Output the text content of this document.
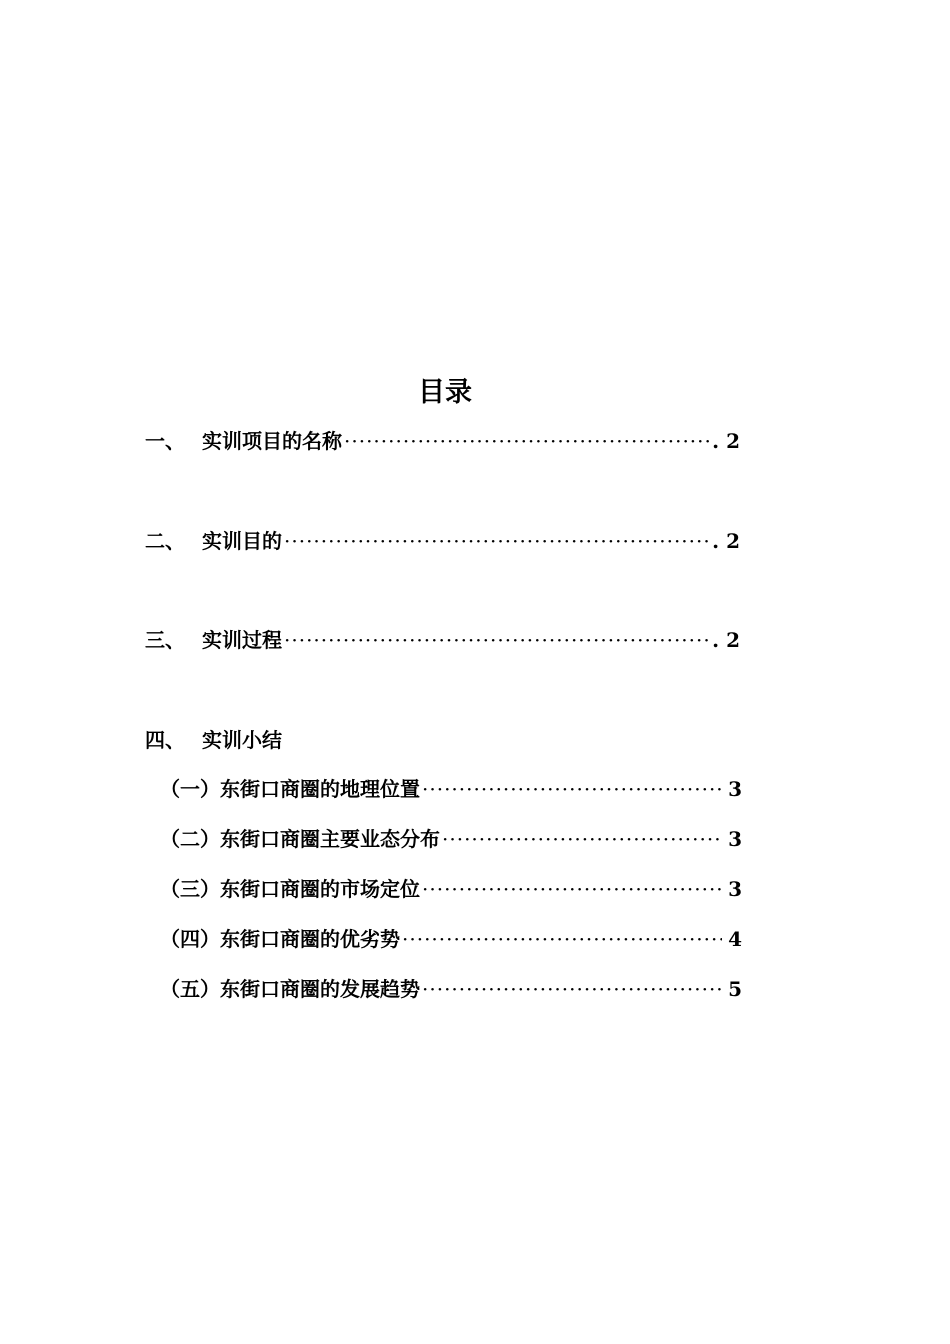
目录
一、 实训项目的名称 ·····	. 2
二、 实训目的 ·····	. 2
三、 实训过程 ·····	. 2
四、 实训小结
（一）东街口商圈的地理位置 ·····	3
（二）东街口商圈主要业态分布 ·····	3
（三）东街口商圈的市场定位 ·····	3
（四）东街口商圈的优劣势 ·····	4
（五）东街口商圈的发展趋势 ·····	5
